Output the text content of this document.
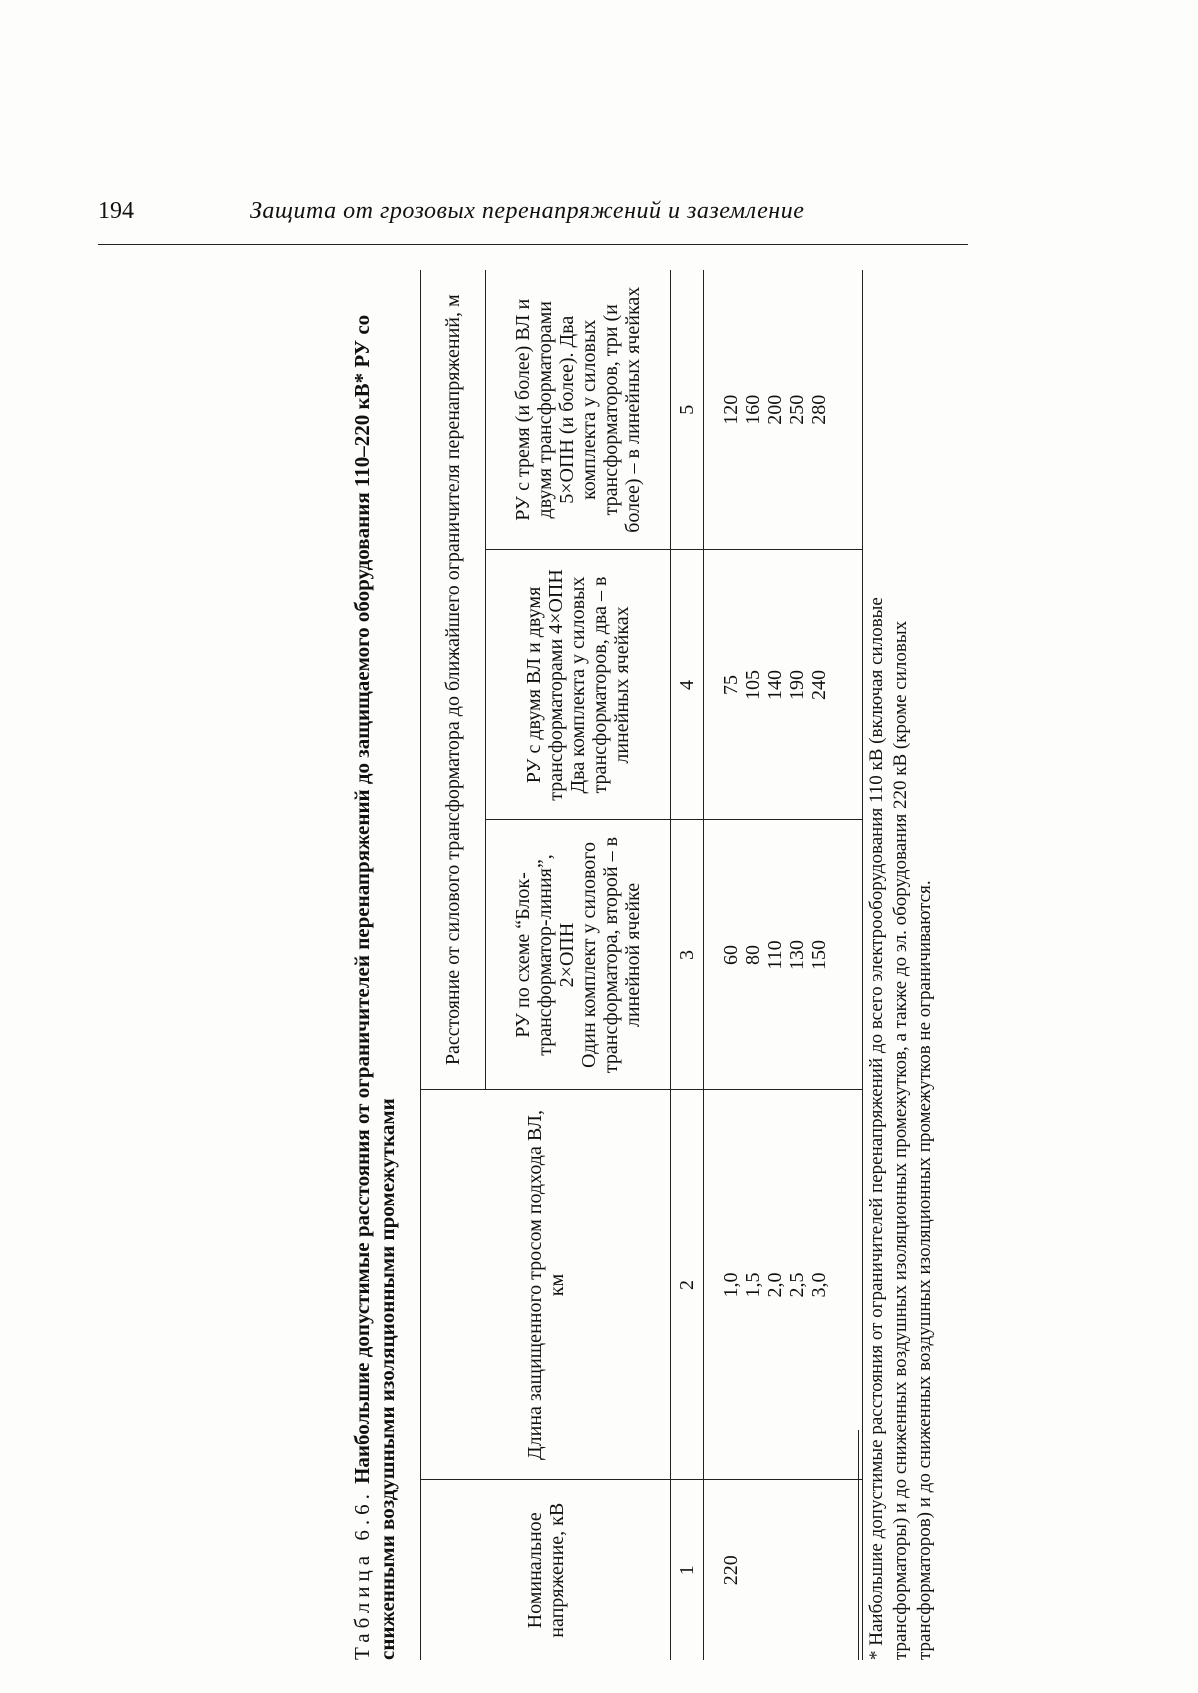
194	Защита от грозовых перенапряжений и заземление
Таблица 6.6. Наибольшие допустимые расстояния от ограничителей перенапряжений до защищаемого оборудования 110–220 кВ* РУ со сниженными воздушными изоляционными промежутками	Номинальное напряжение, кВ	Длина защищенного тросом подхода ВЛ, км	Расстояние от силового трансформатора до ближайшего ограничителя перенапряжений, м		

		РУ по схеме “Блок-трансформатор-линия”, 2×ОПН Один комплект у силового трансформатора, второй – в линейной ячейке	РУ с двумя ВЛ и двумя трансформаторами 4×ОПН Два комплекта у силовых трансформаторов, два – в линейных ячейках	РУ с тремя (и более) ВЛ и двумя трансформаторами 5×ОПН (и более). Два комплекта у силовых трансформаторов, три (и более) – в линейных ячейках
1	2	3	4	5
220	1,0 1,5 2,0 2,5 3,0	60 80 110 130 150	75 105 140 190 240	120 160 200 250 280
* Наибольшие допустимые расстояния от ограничителей перенапряжений до всего электрооборудования 110 кВ (включая силовые трансформаторы) и до сниженных воздушных изоляционных промежутков, а также до эл. оборудования 220 кВ (кроме силовых трансформаторов) и до сниженных воздушных изоляционных промежутков не ограничиваются.
